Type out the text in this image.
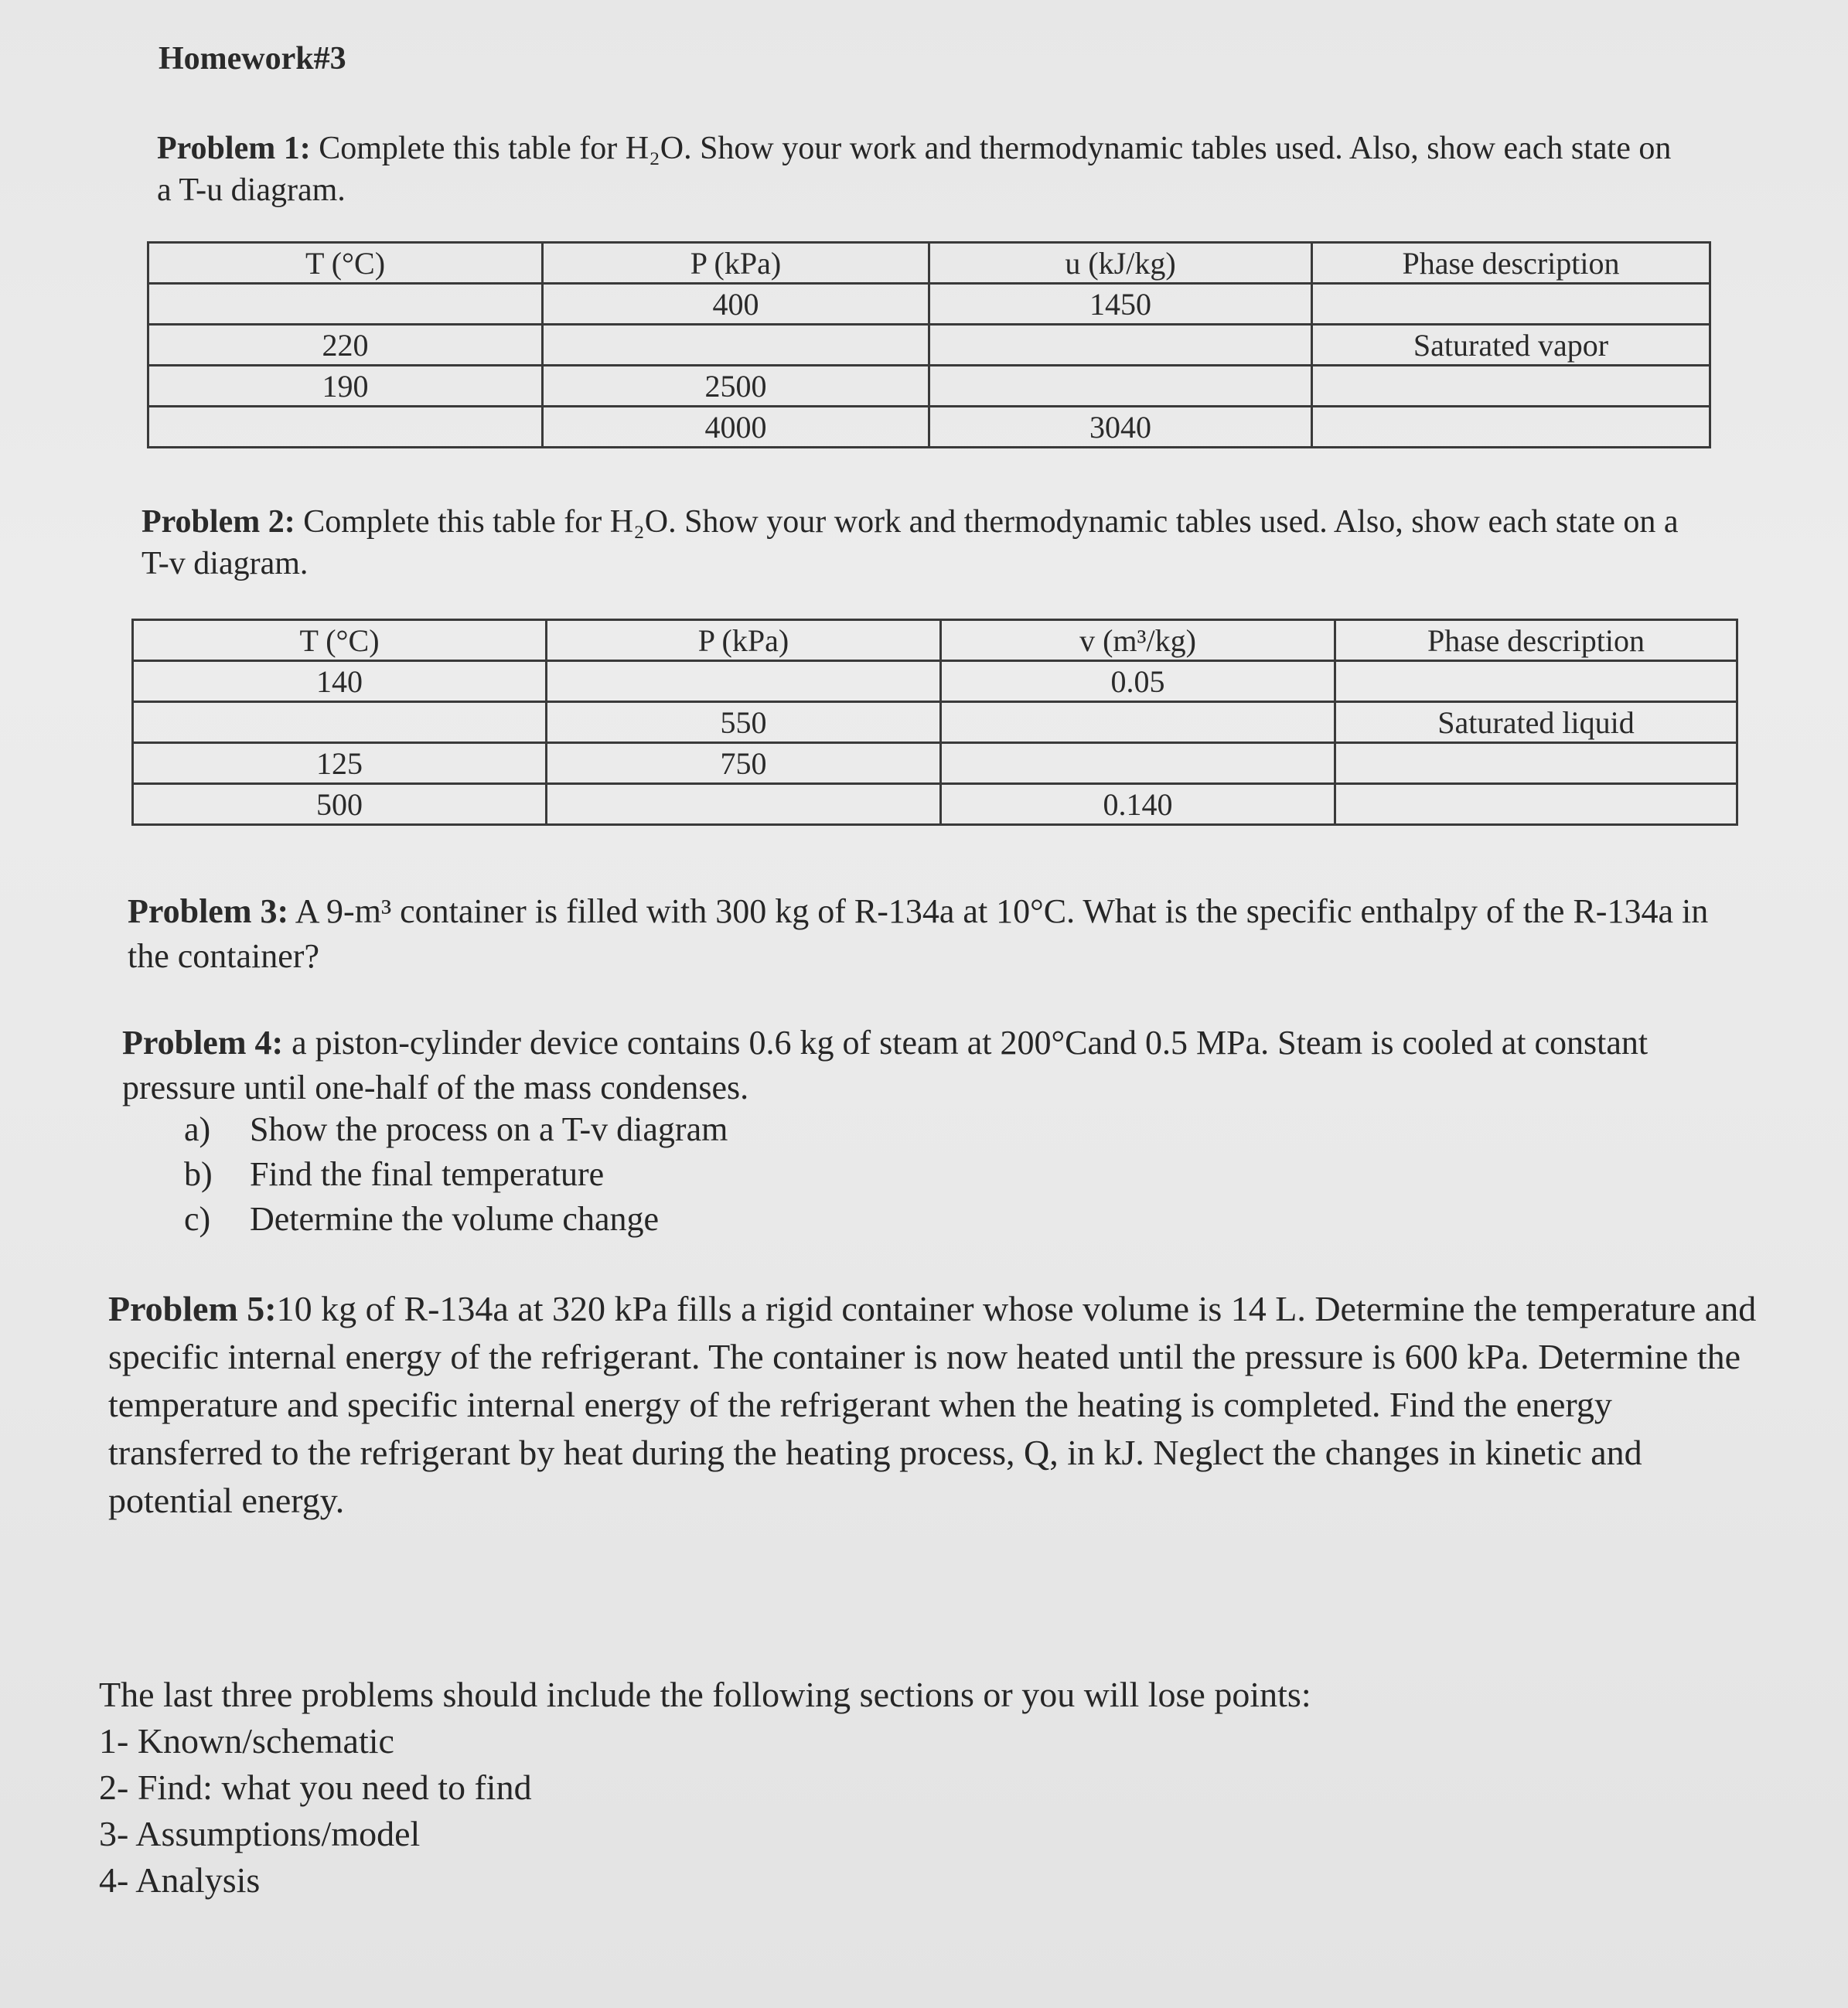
Homework#3
Problem 1: Complete this table for H₂O. Show your work and thermodynamic tables used. Also, show each state on a T-u diagram.
T (°C)	P (kPa)	u (kJ/kg)	Phase description
	400	1450	
220			Saturated vapor
190	2500		
	4000	3040	
Problem 2: Complete this table for H₂O. Show your work and thermodynamic tables used. Also, show each state on a T-v diagram.
T (°C)	P (kPa)	v (m³/kg)	Phase description
140		0.05	
	550		Saturated liquid
125	750		
500		0.140	
Problem 3: A 9-m³ container is filled with 300 kg of R-134a at 10°C. What is the specific enthalpy of the R-134a in the container?
Problem 4: a piston-cylinder device contains 0.6 kg of steam at 200°Cand 0.5 MPa. Steam is cooled at constant pressure until one-half of the mass condenses.
a)	Show the process on a T-v diagram
b)	Find the final temperature
c)	Determine the volume change
Problem 5:10 kg of R-134a at 320 kPa fills a rigid container whose volume is 14 L. Determine the temperature and specific internal energy of the refrigerant. The container is now heated until the pressure is 600 kPa. Determine the temperature and specific internal energy of the refrigerant when the heating is completed. Find the energy transferred to the refrigerant by heat during the heating process, Q, in kJ. Neglect the changes in kinetic and potential energy.
The last three problems should include the following sections or you will lose points:
1- Known/schematic
2- Find: what you need to find
3- Assumptions/model
4- Analysis
